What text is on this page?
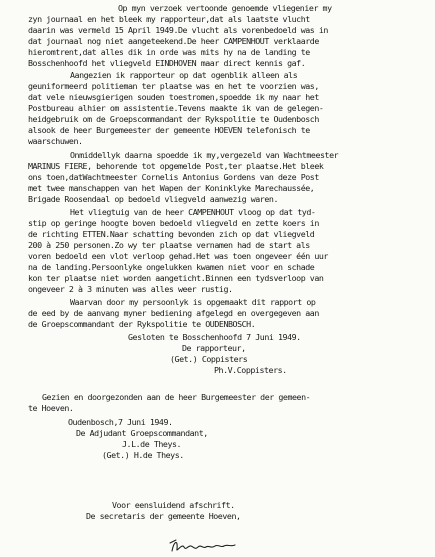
Op myn verzoek vertoonde genoemde vliegenier my
zyn journaal en het bleek my rapporteur,dat als laatste vlucht
daarin was vermeld 15 April 1949.De vlucht als vorenbedoeld was in
dat journaal nog niet aangeteekend.De heer CAMPENHOUT verklaarde
hieromtrent,dat alles dik in orde was mits hy na de landing te
Bosschenhoofd het vliegveld EINDHOVEN maar direct kennis gaf.
Aangezien ik rapporteur op dat ogenblik alleen als
geuniformeerd politieman ter plaatse was en het te voorzien was,
dat vele nieuwsgierigen souden toestromen,spoedde ik my naar het
Postbureau alhier om assistentie.Tevens maakte ik van de gelegen-
heidgebruik om de Groepscommandant der Rykspolitie te Oudenbosch
alsook de heer Burgemeester der gemeente HOEVEN telefonisch te
waarschuwen.
Onmiddellyk daarna spoedde ik my,vergezeld van Wachtmeester
MARINUS FIERE, behorende tot opgemelde Post,ter plaatse.Het bleek
ons toen,datWachtmeester Cornelis Antonius Gordens van deze Post
met twee manschappen van het Wapen der Koninklyke Marechaussée,
Brigade Roosendaal op bedoeld vliegveld aanwezig waren.
Het vliegtuig van de heer CAMPENHOUT vloog op dat tyd-
stip op geringe hoogte boven bedoeld vliegveld en zette koers in
de richting ETTEN.Naar schatting bevonden zich op dat vliegveld
200 à 250 personen.Zo wy ter plaatse vernamen had de start als
voren bedoeld een vlot verloop gehad.Het was toen ongeveer één uur
na de landing.Persoonlyke ongelukken kwamen niet voor en schade
kon ter plaatse niet worden aangeticht.Binnen een tydsverloop van
ongeveer 2 à 3 minuten was alles weer rustig.
Waarvan door my persoonlyk is opgemaakt dit rapport op
de eed by de aanvang myner bediening afgelegd en overgegeven aan
de Groepscommandant der Rykspolitie te OUDENBOSCH.
Gesloten te Bosschenhoofd 7 Juni 1949.
De rapporteur,
(Get.) Coppisters
Ph.V.Coppisters.
Gezien en doorgezonden aan de heer Burgemeester der gemeen-
te Hoeven.
Oudenbosch,7 Juni 1949.
De Adjudant Groepscommandant,
J.L.de Theys.
(Get.) H.de Theys.
Voor eensluidend afschrift.
De secretaris der gemeente Hoeven,
